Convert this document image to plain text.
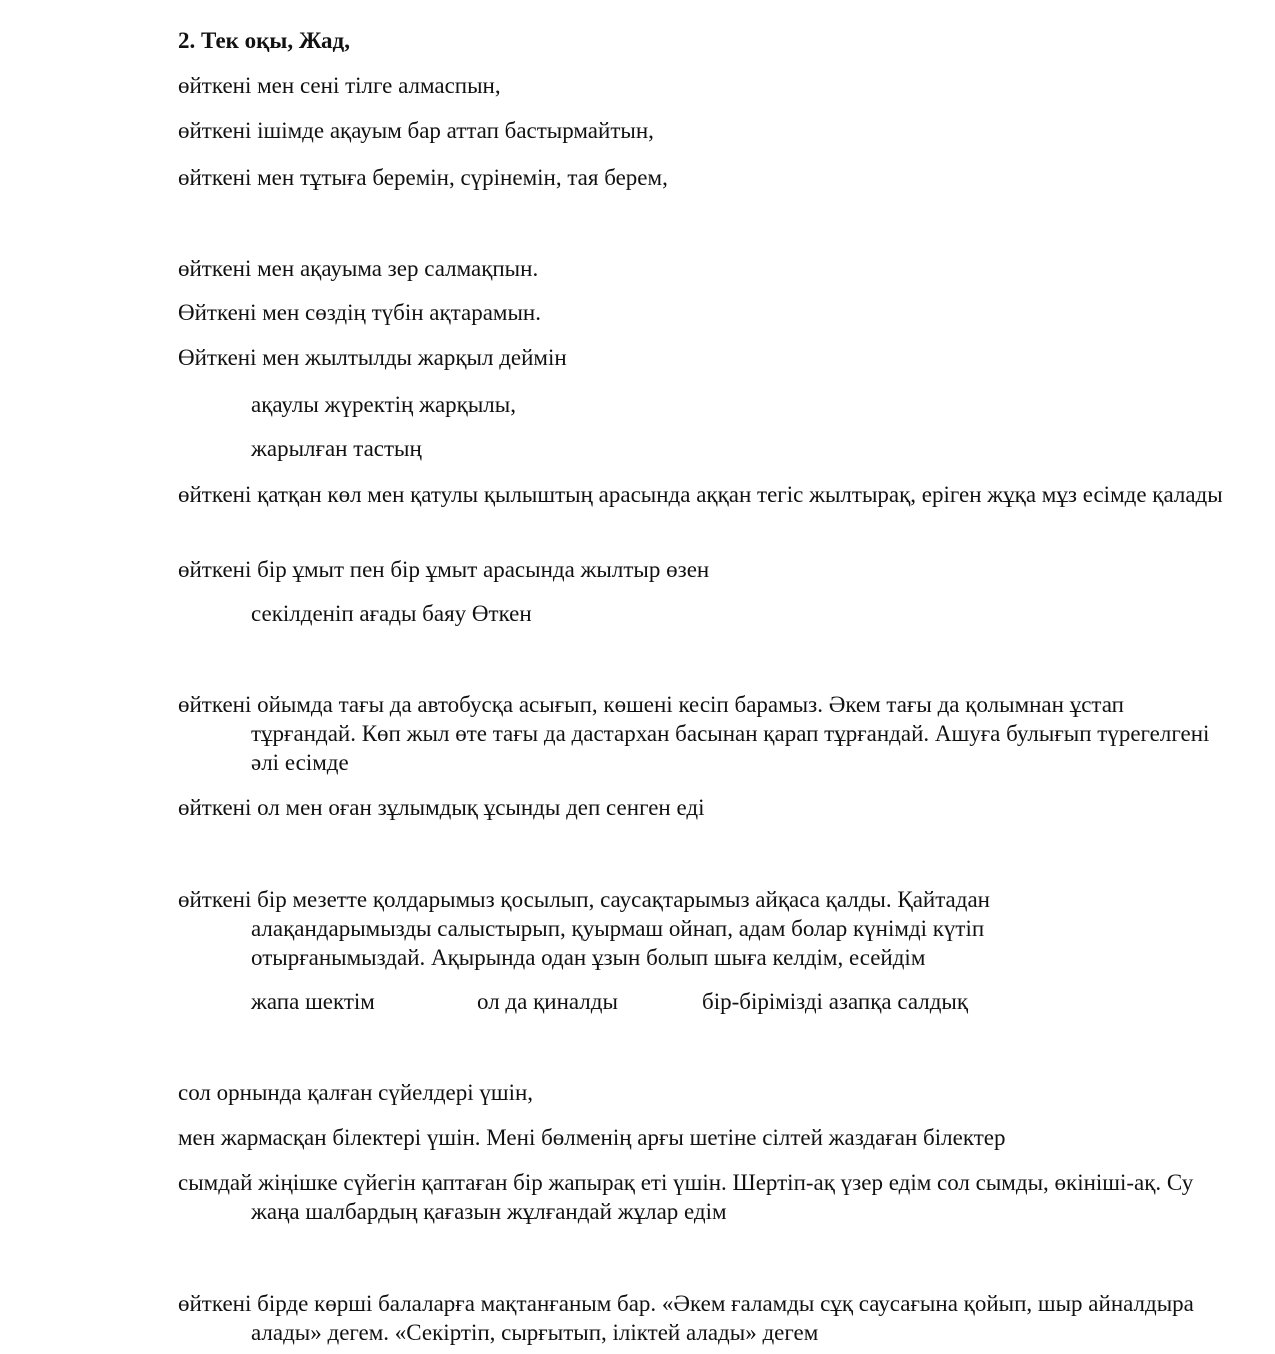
2. Тек оқы, Жад,
өйткені мен сені тілге алмаспын,
өйткені ішімде ақауым бар аттап бастырмайтын,
өйткені мен тұтыға беремін, сүрінемін, тая берем,
өйткені мен ақауыма зер салмақпын.
Өйткені мен сөздің түбін ақтарамын.
Өйткені мен жылтылды жарқыл деймін
ақаулы жүректің жарқылы,
жарылған тастың
өйткені қатқан көл мен қатулы қылыштың арасында аққан тегіс жылтырақ, еріген жұқа мұз есімде қалады
өйткені бір ұмыт пен бір ұмыт арасында жылтыр өзен
секілденіп ағады баяу Өткен
өйткені ойымда тағы да автобусқа асығып, көшені кесіп барамыз. Әкем тағы да қолымнан ұстап тұрғандай. Көп жыл өте тағы да дастархан басынан қарап тұрғандай. Ашуға булығып түрегелгені әлі есімде
өйткені ол мен оған зұлымдық ұсынды деп сенген еді
өйткені бір мезетте қолдарымыз қосылып, саусақтарымыз айқаса қалды. Қайтадан алақандарымызды салыстырып, қуырмаш ойнап, адам болар күнімді күтіп отырғанымыздай. Ақырында одан ұзын болып шыға келдім, есейдім
жапа шектім	ол да қиналды	бір-бірімізді азапқа салдық
сол орнында қалған сүйелдері үшін,
мен жармасқан білектері үшін. Мені бөлменің арғы шетіне сілтей жаздаған білектер
сымдай жіңішке сүйегін қаптаған бір жапырақ еті үшін. Шертіп-ақ үзер едім сол сымды, өкініші-ақ. Су жаңа шалбардың қағазын жұлғандай жұлар едім
өйткені бірде көрші балаларға мақтанғаным бар. «Әкем ғаламды сұқ саусағына қойып, шыр айналдыра алады» дегем. «Секіртіп, сырғытып, іліктей алады» дегем
